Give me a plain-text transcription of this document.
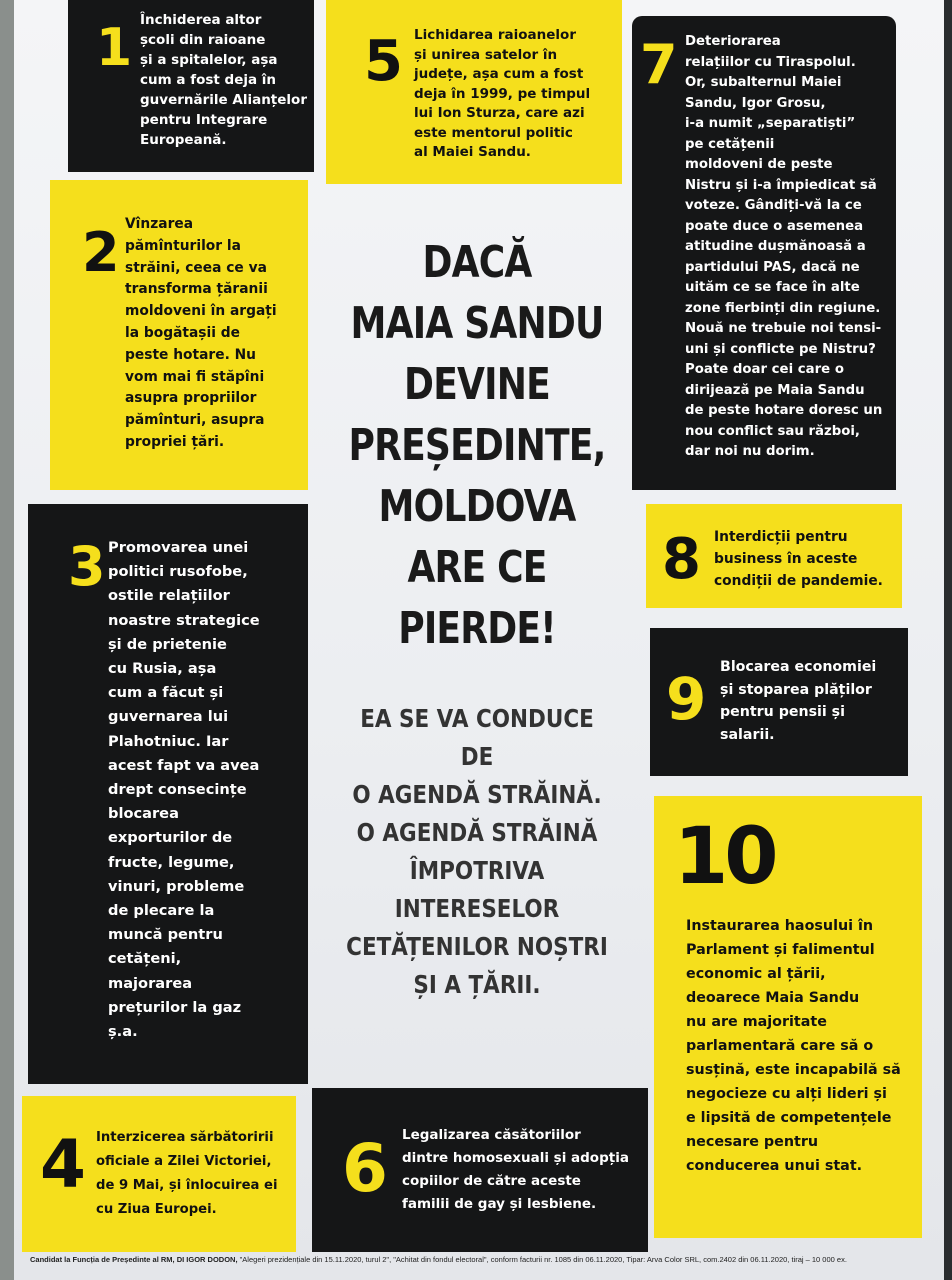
1 Închiderea altor
școli din raioane
și a spitalelor, așa
cum a fost deja în
guvernările Alianțelor
pentru Integrare
Europeană.
5 Lichidarea raioanelor
și unirea satelor în
județe, așa cum a fost
deja în 1999, pe timpul
lui Ion Sturza, care azi
este mentorul politic
al Maiei Sandu.
7 Deteriorarea
relațiilor cu Tiraspolul.
Or, subalternul Maiei
Sandu, Igor Grosu,
i-a numit „separatiști”
pe cetățenii
moldoveni de peste
Nistru și i-a împiedicat să
voteze. Gândiți-vă la ce
poate duce o asemenea
atitudine dușmănoasă a
partidului PAS, dacă ne
uităm ce se face în alte
zone fierbinți din regiune.
Nouă ne trebuie noi tensi-
uni și conflicte pe Nistru?
Poate doar cei care o
dirijează pe Maia Sandu
de peste hotare doresc un
nou conflict sau război,
dar noi nu dorim.
2 Vînzarea
pămînturilor la
străini, ceea ce va
transforma țăranii
moldoveni în argați
la bogătașii de
peste hotare. Nu
vom mai fi stăpîni
asupra propriilor
pămînturi, asupra
propriei țări.
DACĂ
MAIA SANDU
DEVINE
PREȘEDINTE,
MOLDOVA
ARE CE
PIERDE!
EA SE VA CONDUCE DE
O AGENDĂ STRĂINĂ.
O AGENDĂ STRĂINĂ
ÎMPOTRIVA
INTERESELOR
CETĂȚENILOR NOȘTRI
ȘI A ȚĂRII.
3 Promovarea unei
politici rusofobe,
ostile relațiilor
noastre strategice
și de prietenie
cu Rusia, așa
cum a făcut și
guvernarea lui
Plahotniuc. Iar
acest fapt va avea
drept consecințe
blocarea
exporturilor de
fructe, legume,
vinuri, probleme
de plecare la
muncă pentru
cetățeni,
majorarea
prețurilor la gaz
ș.a.
8 Interdicții pentru
business în aceste
condiții de pandemie.
9 Blocarea economiei
și stoparea plăților
pentru pensii și
salarii.
10
Instaurarea haosului în
Parlament și falimentul
economic al țării,
deoarece Maia Sandu
nu are majoritate
parlamentară care să o
susțină, este incapabilă să
negocieze cu alți lideri și
e lipsită de competențele
necesare pentru
conducerea unui stat.
4 Interzicerea sărbătoririi
oficiale a Zilei Victoriei,
de 9 Mai, și înlocuirea ei
cu Ziua Europei.
6 Legalizarea căsătoriilor
dintre homosexuali și adopția
copiilor de către aceste
familii de gay și lesbiene.
Candidat la Funcția de Președinte al RM, DI IGOR DODON, "Alegeri prezidențiale din 15.11.2020, turul 2", "Achitat din fondul electoral", conform facturii nr. 1085 din 06.11.2020, Tipar: Arva Color SRL, com.2402 din 06.11.2020, tiraj – 10 000 ex.
